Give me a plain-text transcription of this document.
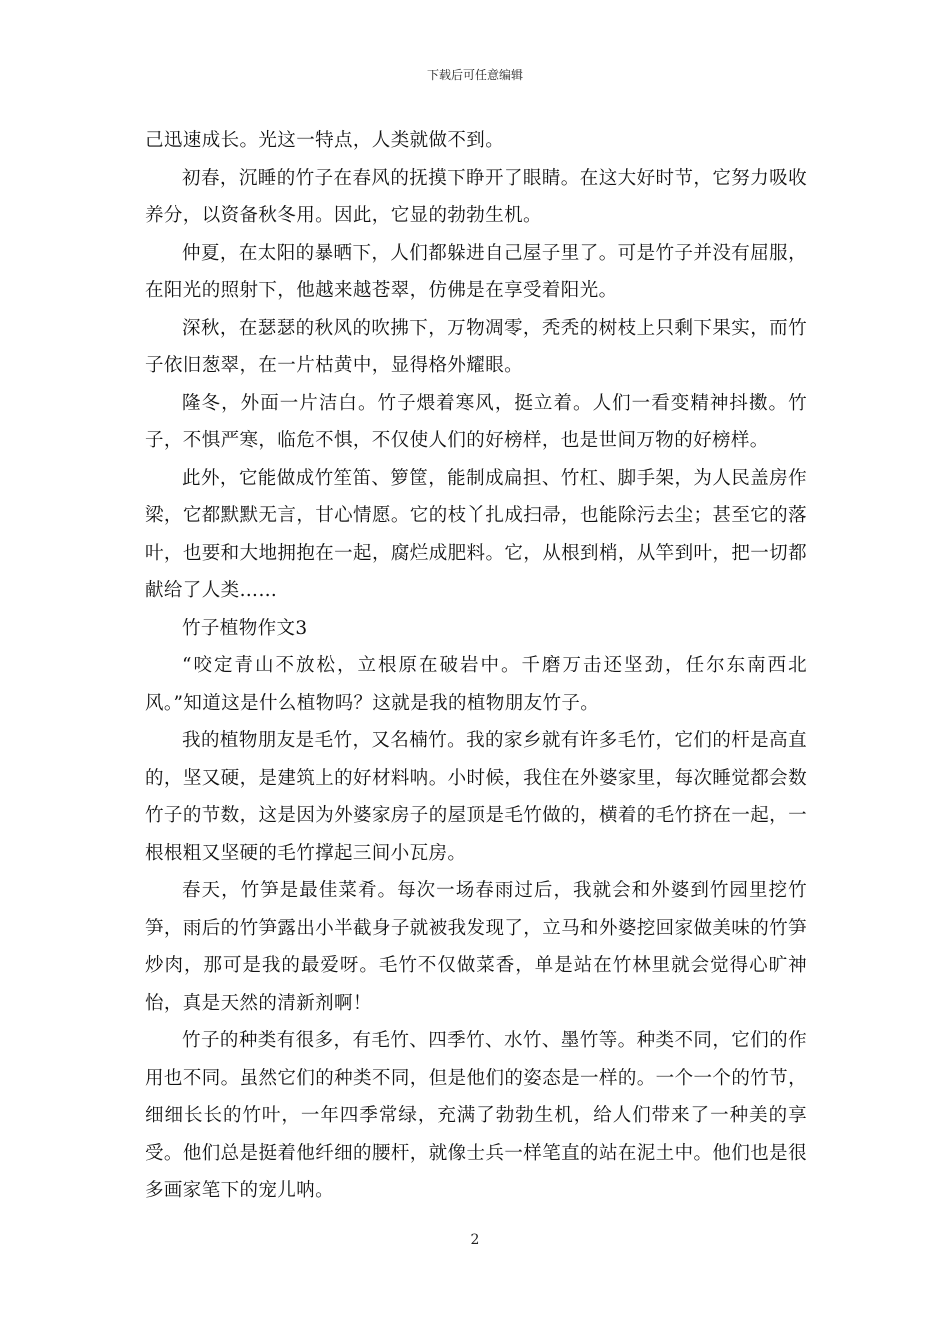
下载后可任意编辑

己迅速成长。光这一特点，人类就做不到。

初春，沉睡的竹子在春风的抚摸下睁开了眼睛。在这大好时节，它努力吸收养分，以资备秋冬用。因此，它显的勃勃生机。

仲夏，在太阳的暴晒下，人们都躲进自己屋子里了。可是竹子并没有屈服，在阳光的照射下，他越来越苍翠，仿佛是在享受着阳光。

深秋，在瑟瑟的秋风的吹拂下，万物凋零，秃秃的树枝上只剩下果实，而竹子依旧葱翠，在一片枯黄中，显得格外耀眼。

隆冬，外面一片洁白。竹子煨着寒风，挺立着。人们一看变精神抖擞。竹子，不惧严寒，临危不惧，不仅使人们的好榜样，也是世间万物的好榜样。

此外，它能做成竹笙笛、箩筐，能制成扁担、竹杠、脚手架，为人民盖房作梁，它都默默无言，甘心情愿。它的枝丫扎成扫帚，也能除污去尘；甚至它的落叶，也要和大地拥抱在一起，腐烂成肥料。它，从根到梢，从竿到叶，把一切都献给了人类……

竹子植物作文3

“咬定青山不放松，立根原在破岩中。千磨万击还坚劲，任尔东南西北风。”知道这是什么植物吗？这就是我的植物朋友竹子。

我的植物朋友是毛竹，又名楠竹。我的家乡就有许多毛竹，它们的杆是高直的，坚又硬，是建筑上的好材料呐。小时候，我住在外婆家里，每次睡觉都会数竹子的节数，这是因为外婆家房子的屋顶是毛竹做的，横着的毛竹挤在一起，一根根粗又坚硬的毛竹撑起三间小瓦房。

春天，竹笋是最佳菜肴。每次一场春雨过后，我就会和外婆到竹园里挖竹笋，雨后的竹笋露出小半截身子就被我发现了，立马和外婆挖回家做美味的竹笋炒肉，那可是我的最爱呀。毛竹不仅做菜香，单是站在竹林里就会觉得心旷神怡，真是天然的清新剂啊！

竹子的种类有很多，有毛竹、四季竹、水竹、墨竹等。种类不同，它们的作用也不同。虽然它们的种类不同，但是他们的姿态是一样的。一个一个的竹节，细细长长的竹叶，一年四季常绿，充满了勃勃生机，给人们带来了一种美的享受。他们总是挺着他纤细的腰杆，就像士兵一样笔直的站在泥土中。他们也是很多画家笔下的宠儿呐。

2
